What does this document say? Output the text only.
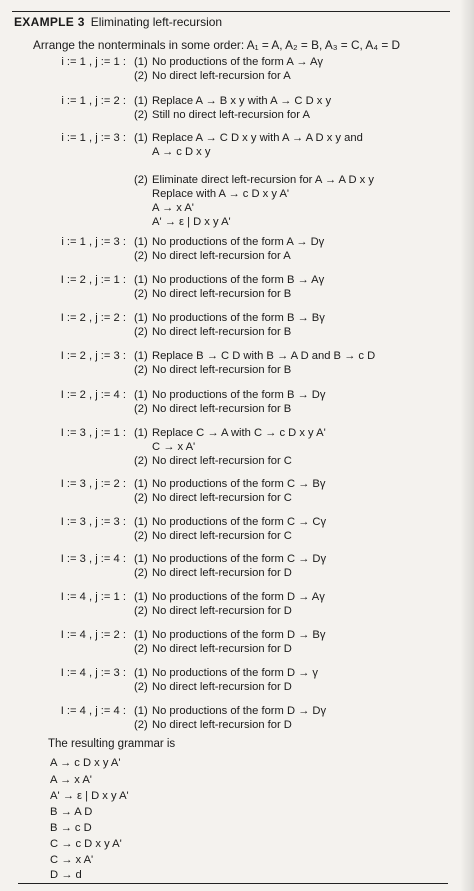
EXAMPLE 3 Eliminating left-recursion
Arrange the nonterminals in some order: A₁ = A, A₂ = B, A₃ = C, A₄ = D
i := 1 , j := 1 : (1) No productions of the form A → Aγ
(2) No direct left-recursion for A
i := 1 , j := 2 : (1) Replace A → B x y with A → C D x y
(2) Still no direct left-recursion for A
i := 1 , j := 3 : (1) Replace A → C D x y with A → A D x y and
A → c D x y
(2) Eliminate direct left-recursion for A → A D x y
Replace with A → c D x y A'
A → x A'
A' → ε | D x y A'
i := 1 , j := 3 : (1) No productions of the form A → Dγ
(2) No direct left-recursion for A
I := 2 , j := 1 : (1) No productions of the form B → Aγ
(2) No direct left-recursion for B
I := 2 , j := 2 : (1) No productions of the form B → Bγ
(2) No direct left-recursion for B
I := 2 , j := 3 : (1) Replace B → C D with B → A D and B → c D
(2) No direct left-recursion for B
I := 2 , j := 4 : (1) No productions of the form B → Dγ
(2) No direct left-recursion for B
I := 3 , j := 1 : (1) Replace C → A with C → c D x y A'
C → x A'
(2) No direct left-recursion for C
I := 3 , j := 2 : (1) No productions of the form C → Bγ
(2) No direct left-recursion for C
I := 3 , j := 3 : (1) No productions of the form C → Cγ
(2) No direct left-recursion for C
I := 3 , j := 4 : (1) No productions of the form C → Dγ
(2) No direct left-recursion for D
I := 4 , j := 1 : (1) No productions of the form D → Aγ
(2) No direct left-recursion for D
I := 4 , j := 2 : (1) No productions of the form D → Bγ
(2) No direct left-recursion for D
I := 4 , j := 3 : (1) No productions of the form D → γ
(2) No direct left-recursion for D
I := 4 , j := 4 : (1) No productions of the form D → Dγ
(2) No direct left-recursion for D
The resulting grammar is
A → c D x y A'
A → x A'
A' → ε | D x y A'
B → A D
B → c D
C → c D x y A'
C → x A'
D → d
